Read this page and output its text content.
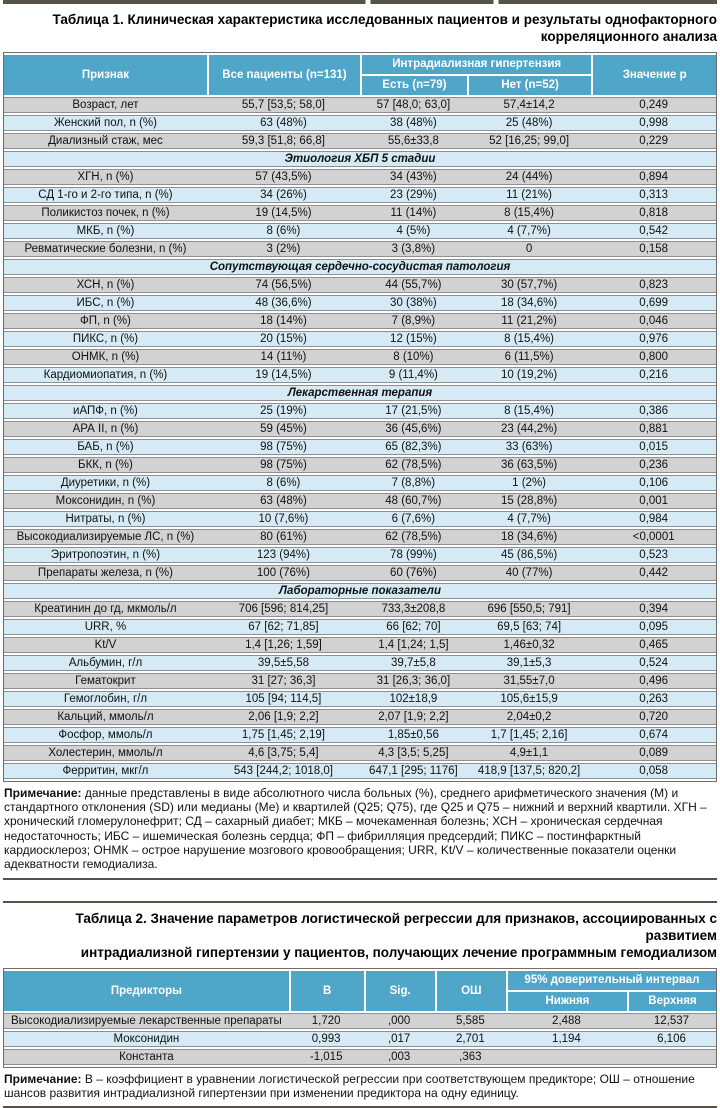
Таблица 1. Клиническая характеристика исследованных пациентов и результаты однофакторного
корреляционного анализа
Признак	Все пациенты (n=131)	Интрадиализная гипертензия		Значение р
		Есть (n=79)	Нет (n=52)	
Возраст, лет	55,7 [53,5; 58,0]	57 [48,0; 63,0]	57,4±14,2	0,249
Женский пол, n (%)	63 (48%)	38 (48%)	25 (48%)	0,998
Диализный стаж, мес	59,3 [51,8; 66,8]	55,6±33,8	52 [16,25; 99,0]	0,229
Этиология ХБП 5 стадии				
ХГН, n (%)	57 (43,5%)	34 (43%)	24 (44%)	0,894
СД 1-го и 2-го типа, n (%)	34 (26%)	23 (29%)	11 (21%)	0,313
Поликистоз почек, n (%)	19 (14,5%)	11 (14%)	8 (15,4%)	0,818
МКБ, n (%)	8 (6%)	4 (5%)	4 (7,7%)	0,542
Ревматические болезни, n (%)	3 (2%)	3 (3,8%)	0	0,158
Сопутствующая сердечно-сосудистая патология				
ХСН, n (%)	74 (56,5%)	44 (55,7%)	30 (57,7%)	0,823
ИБС, n (%)	48 (36,6%)	30 (38%)	18 (34,6%)	0,699
ФП, n (%)	18 (14%)	7 (8,9%)	11 (21,2%)	0,046
ПИКС, n (%)	20 (15%)	12 (15%)	8 (15,4%)	0,976
ОНМК, n (%)	14 (11%)	8 (10%)	6 (11,5%)	0,800
Кардиомиопатия, n (%)	19 (14,5%)	9 (11,4%)	10 (19,2%)	0,216
Лекарственная терапия				
иАПФ, n (%)	25 (19%)	17 (21,5%)	8 (15,4%)	0,386
АРА II, n (%)	59 (45%)	36 (45,6%)	23 (44,2%)	0,881
БАБ, n (%)	98 (75%)	65 (82,3%)	33 (63%)	0,015
БКК, n (%)	98 (75%)	62 (78,5%)	36 (63,5%)	0,236
Диуретики, n (%)	8 (6%)	7 (8,8%)	1 (2%)	0,106
Моксонидин, n (%)	63 (48%)	48 (60,7%)	15 (28,8%)	0,001
Нитраты, n (%)	10 (7,6%)	6 (7,6%)	4 (7,7%)	0,984
Высокодиализируемые ЛС, n (%)	80 (61%)	62 (78,5%)	18 (34,6%)	<0,0001
Эритропоэтин, n (%)	123 (94%)	78 (99%)	45 (86,5%)	0,523
Препараты железа, n (%)	100 (76%)	60 (76%)	40 (77%)	0,442
Лабораторные показатели				
Креатинин до гд, мкмоль/л	706 [596; 814,25]	733,3±208,8	696 [550,5; 791]	0,394
URR, %	67 [62; 71,85]	66 [62; 70]	69,5 [63; 74]	0,095
Kt/V	1,4 [1,26; 1,59]	1,4 [1,24; 1,5]	1,46±0,32	0,465
Альбумин, г/л	39,5±5,58	39,7±5,8	39,1±5,3	0,524
Гематокрит	31 [27; 36,3]	31 [26,3; 36,0]	31,55±7,0	0,496
Гемоглобин, г/л	105 [94; 114,5]	102±18,9	105,6±15,9	0,263
Кальций, ммоль/л	2,06 [1,9; 2,2]	2,07 [1,9; 2,2]	2,04±0,2	0,720
Фосфор, ммоль/л	1,75 [1,45; 2,19]	1,85±0,56	1,7 [1,45; 2,16]	0,674
Холестерин, ммоль/л	4,6 [3,75; 5,4]	4,3 [3,5; 5,25]	4,9±1,1	0,089
Ферритин, мкг/л	543 [244,2; 1018,0]	647,1 [295; 1176]	418,9 [137,5; 820,2]	0,058
Примечание: данные представлены в виде абсолютного числа больных (%), среднего арифметического значения (М) и стандартного отклонения (SD) или медианы (Ме) и квартилей (Q25; Q75), где Q25 и Q75 – нижний и верхний квартили. ХГН – хронический гломерулонефрит; СД – сахарный диабет; МКБ – мочекаменная болезнь; ХСН – хроническая сердечная недостаточность; ИБС – ишемическая болезнь сердца; ФП – фибрилляция предсердий; ПИКС – постинфарктный кардиосклероз; ОНМК – острое нарушение мозгового кровообращения; URR, Kt/V – количественные показатели оценки адекватности гемодиализа.
Таблица 2. Значение параметров логистической регрессии для признаков, ассоциированных с развитием
интрадиализной гипертензии у пациентов, получающих лечение программным гемодиализом
Предикторы	В	Sig.	ОШ	95% доверительный интервал	
				Нижняя	Верхняя
Высокодиализируемые лекарственные препараты	1,720	,000	5,585	2,488	12,537
Моксонидин	0,993	,017	2,701	1,194	6,106
Константа	-1,015	,003	,363		
Примечание: В – коэффициент в уравнении логистической регрессии при соответствующем предикторе; ОШ – отношение шансов развития интрадиализной гипертензии при изменении предиктора на одну единицу.
